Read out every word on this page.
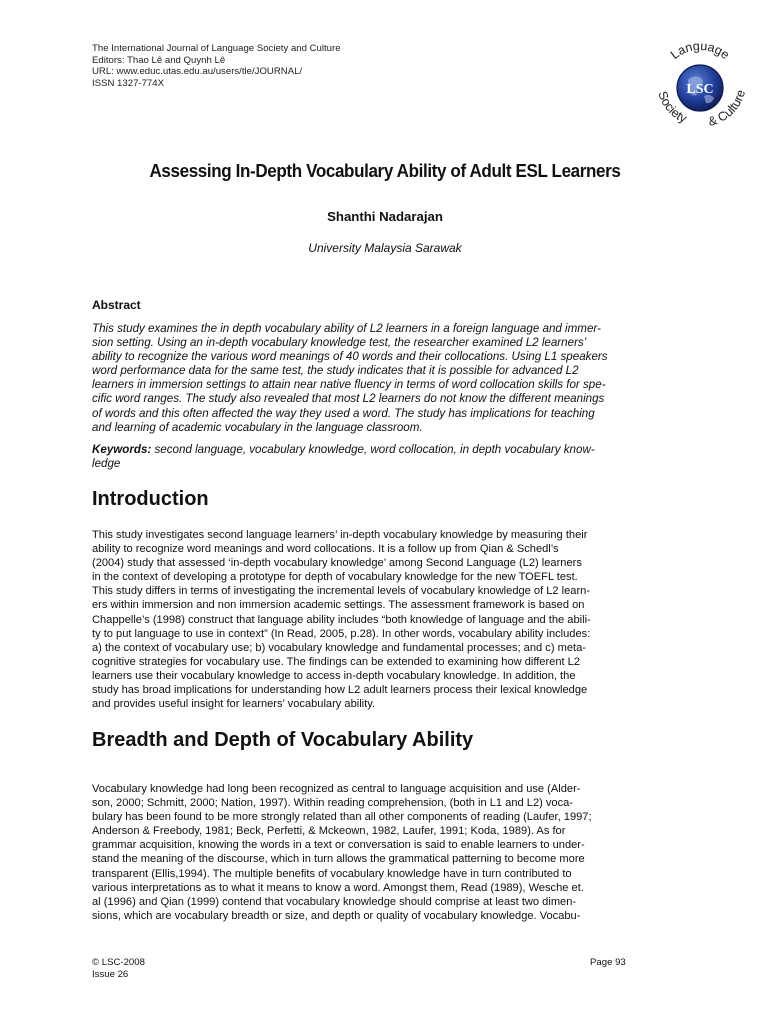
The International Journal of Language Society and Culture
Editors: Thao Lê and Quynh Lê
URL: www.educ.utas.edu.au/users/tle/JOURNAL/
ISSN 1327-774X	LSC
Language
Society & Culture
Assessing In-Depth Vocabulary Ability of Adult ESL Learners
Shanthi Nadarajan
University Malaysia Sarawak
Abstract
This study examines the in depth vocabulary ability of L2 learners in a foreign language and immer-
sion setting. Using an in-depth vocabulary knowledge test, the researcher examined L2 learners’
ability to recognize the various word meanings of 40 words and their collocations. Using L1 speakers
word performance data for the same test, the study indicates that it is possible for advanced L2
learners in immersion settings to attain near native fluency in terms of word collocation skills for spe-
cific word ranges. The study also revealed that most L2 learners do not know the different meanings
of words and this often affected the way they used a word. The study has implications for teaching
and learning of academic vocabulary in the language classroom.
Keywords: second language, vocabulary knowledge, word collocation, in depth vocabulary know-
ledge
Introduction
This study investigates second language learners’ in-depth vocabulary knowledge by measuring their
ability to recognize word meanings and word collocations. It is a follow up from Qian & Schedl’s
(2004) study that assessed ‘in-depth vocabulary knowledge’ among Second Language (L2) learners
in the context of developing a prototype for depth of vocabulary knowledge for the new TOEFL test.
This study differs in terms of investigating the incremental levels of vocabulary knowledge of L2 learn-
ers within immersion and non immersion academic settings. The assessment framework is based on
Chappelle’s (1998) construct that language ability includes “both knowledge of language and the abili-
ty to put language to use in context” (In Read, 2005, p.28). In other words, vocabulary ability includes:
a) the context of vocabulary use; b) vocabulary knowledge and fundamental processes; and c) meta-
cognitive strategies for vocabulary use. The findings can be extended to examining how different L2
learners use their vocabulary knowledge to access in-depth vocabulary knowledge. In addition, the
study has broad implications for understanding how L2 adult learners process their lexical knowledge
and provides useful insight for learners’ vocabulary ability.
Breadth and Depth of Vocabulary Ability
Vocabulary knowledge had long been recognized as central to language acquisition and use (Alder-
son, 2000; Schmitt, 2000; Nation, 1997). Within reading comprehension, (both in L1 and L2) voca-
bulary has been found to be more strongly related than all other components of reading (Laufer, 1997;
Anderson & Freebody, 1981; Beck, Perfetti, & Mckeown, 1982, Laufer, 1991; Koda, 1989). As for
grammar acquisition, knowing the words in a text or conversation is said to enable learners to under-
stand the meaning of the discourse, which in turn allows the grammatical patterning to become more
transparent (Ellis,1994). The multiple benefits of vocabulary knowledge have in turn contributed to
various interpretations as to what it means to know a word. Amongst them, Read (1989), Wesche et.
al (1996) and Qian (1999) contend that vocabulary knowledge should comprise at least two dimen-
sions, which are vocabulary breadth or size, and depth or quality of vocabulary knowledge. Vocabu-
© LSC-2008
Issue 26
Page 93
